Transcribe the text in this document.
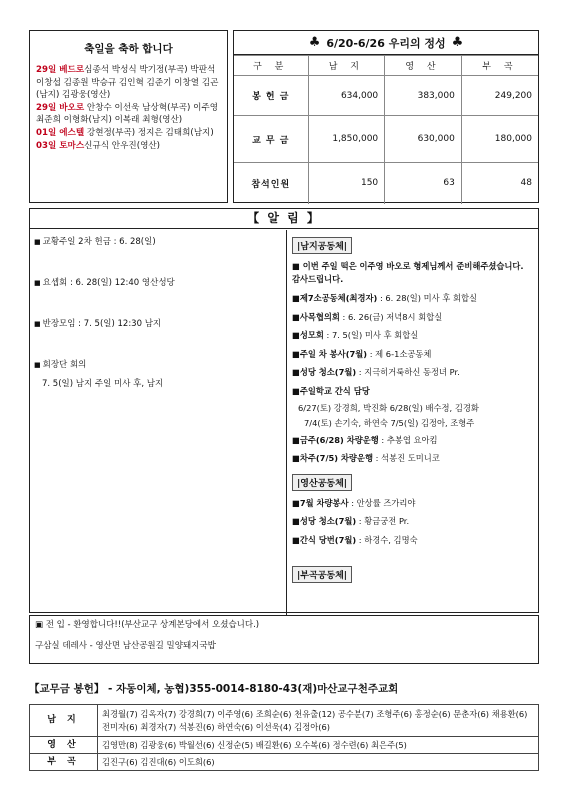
축일을 축하 합니다
29일 베드로심종석 박성식 박기정(부곡) 박판석 이창섭 김종원 박승규 김인혁 김준기 이창열 김곤(남지) 김광웅(영산)
29일 바오로 안창수 이선욱 남상혁(부곡) 이주영 최준희 이형화(남지) 이복래 최형(영산)
01일 에스텔 강현정(부곡) 정지은 김태희(남지)
03일 토마스신규식 안우진(영산)
♣ 6/20-6/26 우리의 정성 ♣
구 분	남 지	영 산	부 곡
봉 헌 금	634,000	383,000	249,200
교 무 금	1,850,000	630,000	180,000
참석인원	150	63	48
【 알 림 】
■ 교황주일 2차 헌금 : 6. 28(일)
■ 요셉회 : 6. 28(일) 12:40 영산성당
■ 반장모임 : 7. 5(일) 12:30 남지
■ 회장단 회의
7. 5(일) 남지 주일 미사 후, 남지
|남지공동체|
■ 이번 주일 떡은 이주영 바오로 형제님께서 준비해주셨습니다. 감사드립니다.
■제7소공동체(최경자) : 6. 28(일) 미사 후 회합실
■사목협의회 : 6. 26(금) 저녁8시 회합실
■성모회 : 7. 5(일) 미사 후 회합실
■주일 차 봉사(7월) : 제 6-1소공동체
■성당 청소(7월) : 지극히거룩하신 동정녀 Pr.
■주일학교 간식 담당
6/27(토) 강경희, 박진화 6/28(일) 배수정, 김경화
7/4(토) 손기숙, 하연숙 7/5(일) 김정아, 조형주
■금주(6/28) 차량운행 : 추봉엽 요아킴
■차주(7/5) 차량운행 : 석봉진 도미니코
|영산공동체|
■7월 차량봉사 : 안상률 즈가리야
■성당 청소(7월) : 황금궁전 Pr.
■간식 당번(7월) : 하경수, 김명숙
|부곡공동체|
▣ 전 입 - 환영합니다!!(부산교구 상계본당에서 오셨습니다.)
구삼실 데레사 - 영산면 남산공원길 밀양돼지국밥
【교무금 봉헌】 - 자동이체, 농협)355-0014-8180-43(재)마산교구천주교회
남 지	최경월(7) 김옥자(7) 강경희(7) 이주영(6) 조희순(6) 천유출(12) 공수분(7) 조형주(6) 홍정순(6) 문춘자(6) 채용환(6) 전미자(6) 최경자(7) 석봉진(6) 하연숙(6) 이선욱(4) 김정아(6)
영 산	김영만(8) 김광웅(6) 박월선(6) 신정순(5) 배길환(6) 오수복(6) 정수련(6) 최은주(5)
부 곡	김진구(6) 김진대(6) 이도희(6)
